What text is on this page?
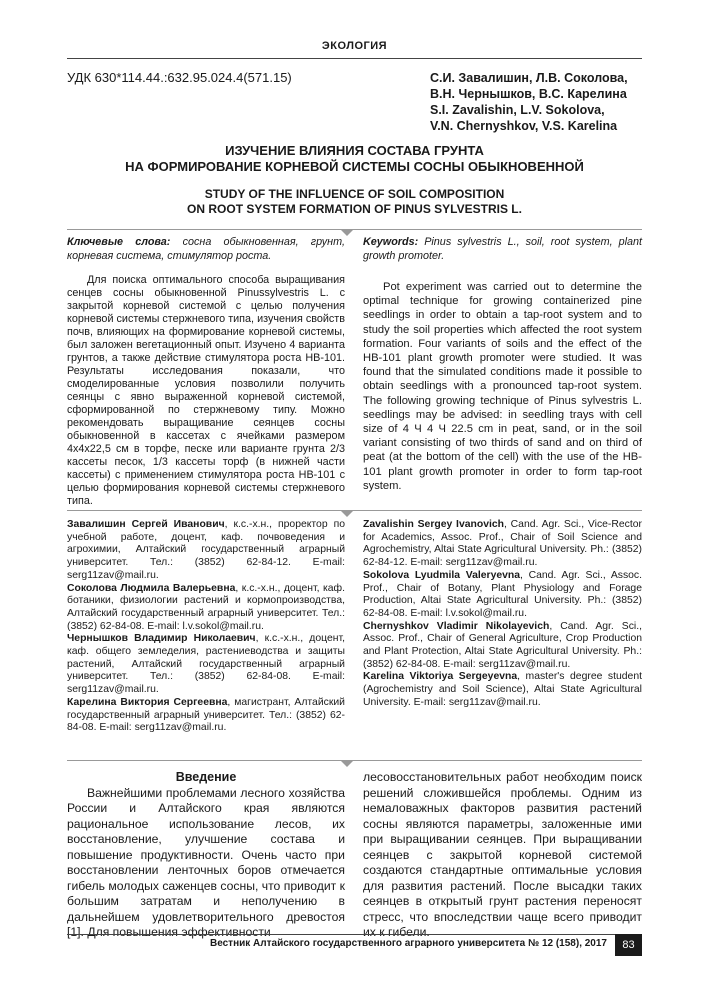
ЭКОЛОГИЯ
УДК 630*114.44.:632.95.024.4(571.15)	С.И. Завалишин, Л.В. Соколова,
В.Н. Чернышков, В.С. Карелина
S.I. Zavalishin, L.V. Sokolova,
V.N. Chernyshkov, V.S. Karelina
ИЗУЧЕНИЕ ВЛИЯНИЯ СОСТАВА ГРУНТА
НА ФОРМИРОВАНИЕ КОРНЕВОЙ СИСТЕМЫ СОСНЫ ОБЫКНОВЕННОЙ
STUDY OF THE INFLUENCE OF SOIL COMPOSITION
ON ROOT SYSTEM FORMATION OF PINUS SYLVESTRIS L.
Ключевые слова: сосна обыкновенная, грунт, корневая система, стимулятор роста.
Keywords: Pinus sylvestris L., soil, root system, plant growth promoter.
Для поиска оптимального способа выращивания сенцев сосны обыкновенной Pinussylvestris L. с закрытой корневой системой с целью получения корневой системы стержневого типа, изучения свойств почв, влияющих на формирование корневой системы, был заложен вегетационный опыт. Изучено 4 варианта грунтов, а также действие стимулятора роста НВ-101. Результаты исследования показали, что смоделированные условия позволили получить сеянцы с явно выраженной корневой системой, сформированной по стержневому типу. Можно рекомендовать выращивание сеянцев сосны обыкновенной в кассетах с ячейками размером 4х4х22,5 см в торфе, песке или варианте грунта 2/3 кассеты песок, 1/3 кассеты торф (в нижней части кассеты) с применением стимулятора роста НВ-101 с целью формирования корневой системы стержневого типа.
Pot experiment was carried out to determine the optimal technique for growing containerized pine seedlings in order to obtain a tap-root system and to study the soil properties which affected the root system formation. Four variants of soils and the effect of the HB-101 plant growth promoter were studied. It was found that the simulated conditions made it possible to obtain seedlings with a pronounced tap-root system. The following growing technique of Pinus sylvestris L. seedlings may be advised: in seedling trays with cell size of 4 Ч 4 Ч 22.5 cm in peat, sand, or in the soil variant consisting of two thirds of sand and on third of peat (at the bottom of the cell) with the use of the HB-101 plant growth promoter in order to form tap-root system.

Завалишин Сергей Иванович, к.с.-х.н., проректор по учебной работе, доцент, каф. почвоведения и агрохимии, Алтайский государственный аграрный университет. Тел.: (3852) 62-84-12. E-mail: serg11zav@mail.ru.

Соколова Людмила Валерьевна, к.с.-х.н., доцент, каф. ботаники, физиологии растений и кормопроизводства, Алтайский государственный аграрный университет. Тел.: (3852) 62-84-08. E-mail: l.v.sokol@mail.ru.

Чернышков Владимир Николаевич, к.с.-х.н., доцент, каф. общего земледелия, растениеводства и защиты растений, Алтайский государственный аграрный университет. Тел.: (3852) 62-84-08. E-mail: serg11zav@mail.ru.

Карелина Виктория Сергеевна, магистрант, Алтайский государственный аграрный университет. Тел.: (3852) 62-84-08. E-mail: serg11zav@mail.ru.

Zavalishin Sergey Ivanovich, Cand. Agr. Sci., Vice-Rector for Academics, Assoc. Prof., Chair of Soil Science and Agrochemistry, Altai State Agricultural University. Ph.: (3852) 62-84-12. E-mail: serg11zav@mail.ru.

Sokolova Lyudmila Valeryevna, Cand. Agr. Sci., Assoc. Prof., Chair of Botany, Plant Physiology and Forage Production, Altai State Agricultural University. Ph.: (3852) 62-84-08. E-mail: l.v.sokol@mail.ru.

Chernyshkov Vladimir Nikolayevich, Cand. Agr. Sci., Assoc. Prof., Chair of General Agriculture, Crop Production and Plant Protection, Altai State Agricultural University. Ph.: (3852) 62-84-08. E-mail: serg11zav@mail.ru.

Karelina Viktoriya Sergeyevna, master's degree student (Agrochemistry and Soil Science), Altai State Agricultural University. E-mail: serg11zav@mail.ru.

Введение

Важнейшими проблемами лесного хозяйства России и Алтайского края являются рациональное использование лесов, их восстановление, улучшение состава и повышение продуктивности. Очень часто при восстановлении ленточных боров отмечается гибель молодых саженцев сосны, что приводит к большим затратам и неполучению в дальнейшем удовлетворительного древостоя [1]. Для повышения эффективности

лесовосстановительных работ необходим поиск решений сложившейся проблемы. Одним из немаловажных факторов развития растений сосны являются параметры, заложенные ими при выращивании сеянцев. При выращивании сеянцев с закрытой корневой системой создаются стандартные оптимальные условия для развития растений. После высадки таких сеянцев в открытый грунт растения переносят стресс, что впоследствии чаще всего приводит их к гибели.

Вестник Алтайского государственного аграрного университета № 12 (158), 2017	83
